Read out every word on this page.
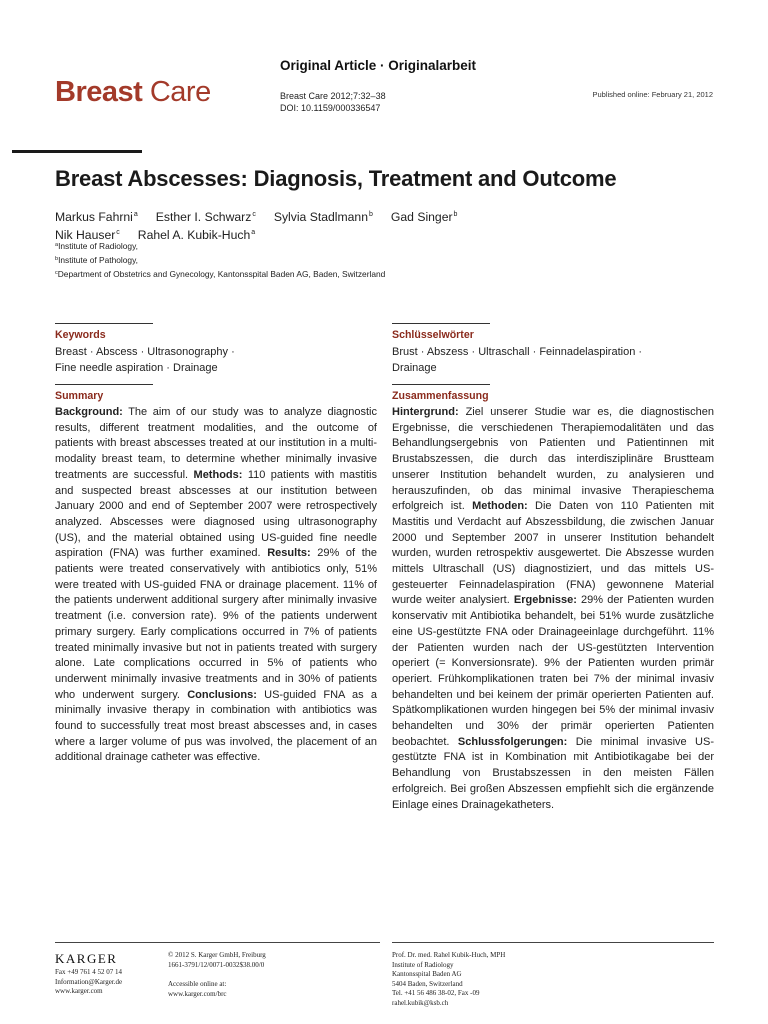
Breast Care
Original Article · Originalarbeit
Breast Care 2012;7:32–38
DOI: 10.1159/000336547
Published online: February 21, 2012
Breast Abscesses: Diagnosis, Treatment and Outcome
Markus Fahrni$^a$ Esther I. Schwarz$^c$ Sylvia Stadlmann$^b$ Gad Singer$^b$
Nik Hauser$^c$ Rahel A. Kubik-Huch$^a$
$^a$Institute of Radiology,
$^b$Institute of Pathology,
$^c$Department of Obstetrics and Gynecology, Kantonsspital Baden AG, Baden, Switzerland
Keywords
Breast · Abscess · Ultrasonography ·
Fine needle aspiration · Drainage
Summary
Background: The aim of our study was to analyze diagnostic results, different treatment modalities, and the outcome of patients with breast abscesses treated at our institution in a multi-modality breast team, to determine whether minimally invasive treatments are successful. Methods: 110 patients with mastitis and suspected breast abscesses at our institution between January 2000 and end of September 2007 were retrospectively analyzed. Abscesses were diagnosed using ultrasonography (US), and the material obtained using US-guided fine needle aspiration (FNA) was further examined. Results: 29% of the patients were treated conservatively with antibiotics only, 51% were treated with US-guided FNA or drainage placement. 11% of the patients underwent additional surgery after minimally invasive treatment (i.e. conversion rate). 9% of the patients underwent primary surgery. Early complications occurred in 7% of patients treated minimally invasive but not in patients treated with surgery alone. Late complications occurred in 5% of patients who underwent minimally invasive treatments and in 30% of patients who underwent surgery. Conclusions: US-guided FNA as a minimally invasive therapy in combination with antibiotics was found to successfully treat most breast abscesses and, in cases where a larger volume of pus was involved, the placement of an additional drainage catheter was effective.
Schlüsselwörter
Brust · Abszess · Ultraschall · Feinnadelaspiration ·
Drainage
Zusammenfassung
Hintergrund: Ziel unserer Studie war es, die diagnostischen Ergebnisse, die verschiedenen Therapiemodalitäten und das Behandlungsergebnis von Patienten und Patientinnen mit Brustabszessen, die durch das interdisziplinäre Brustteam unserer Institution behandelt wurden, zu analysieren und herauszufinden, ob das minimal invasive Therapieschema erfolgreich ist. Methoden: Die Daten von 110 Patienten mit Mastitis und Verdacht auf Abszessbildung, die zwischen Januar 2000 und September 2007 in unserer Institution behandelt wurden, wurden retrospektiv ausgewertet. Die Abszesse wurden mittels Ultraschall (US) diagnostiziert, und das mittels US-gesteuerter Feinnadelaspiration (FNA) gewonnene Material wurde weiter analysiert. Ergebnisse: 29% der Patienten wurden konservativ mit Antibiotika behandelt, bei 51% wurde zusätzliche eine US-gestützte FNA oder Drainageeinlage durchgeführt. 11% der Patienten wurden nach der US-gestützten Intervention operiert (= Konversionsrate). 9% der Patienten wurden primär operiert. Frühkomplikationen traten bei 7% der minimal invasiv behandelten und bei keinem der primär operierten Patienten auf. Spätkomplikationen wurden hingegen bei 5% der minimal invasiv behandelten und 30% der primär operierten Patienten beobachtet. Schlussfolgerungen: Die minimal invasive US-gestützte FNA ist in Kombination mit Antibiotikagabe bei der Behandlung von Brustabszessen in den meisten Fällen erfolgreich. Bei großen Abszessen empfiehlt sich die ergänzende Einlage eines Drainagekatheters.
KARGER
Fax +49 761 4 52 07 14
Information@Karger.de
www.karger.com
© 2012 S. Karger GmbH, Freiburg
1661-3791/12/0071-0032$38.00/0
Accessible online at:
www.karger.com/brc
Prof. Dr. med. Rahel Kubik-Huch, MPH
Institute of Radiology
Kantonsspital Baden AG
5404 Baden, Switzerland
Tel. +41 56 486 38-02, Fax -09
rahel.kubik@ksb.ch
